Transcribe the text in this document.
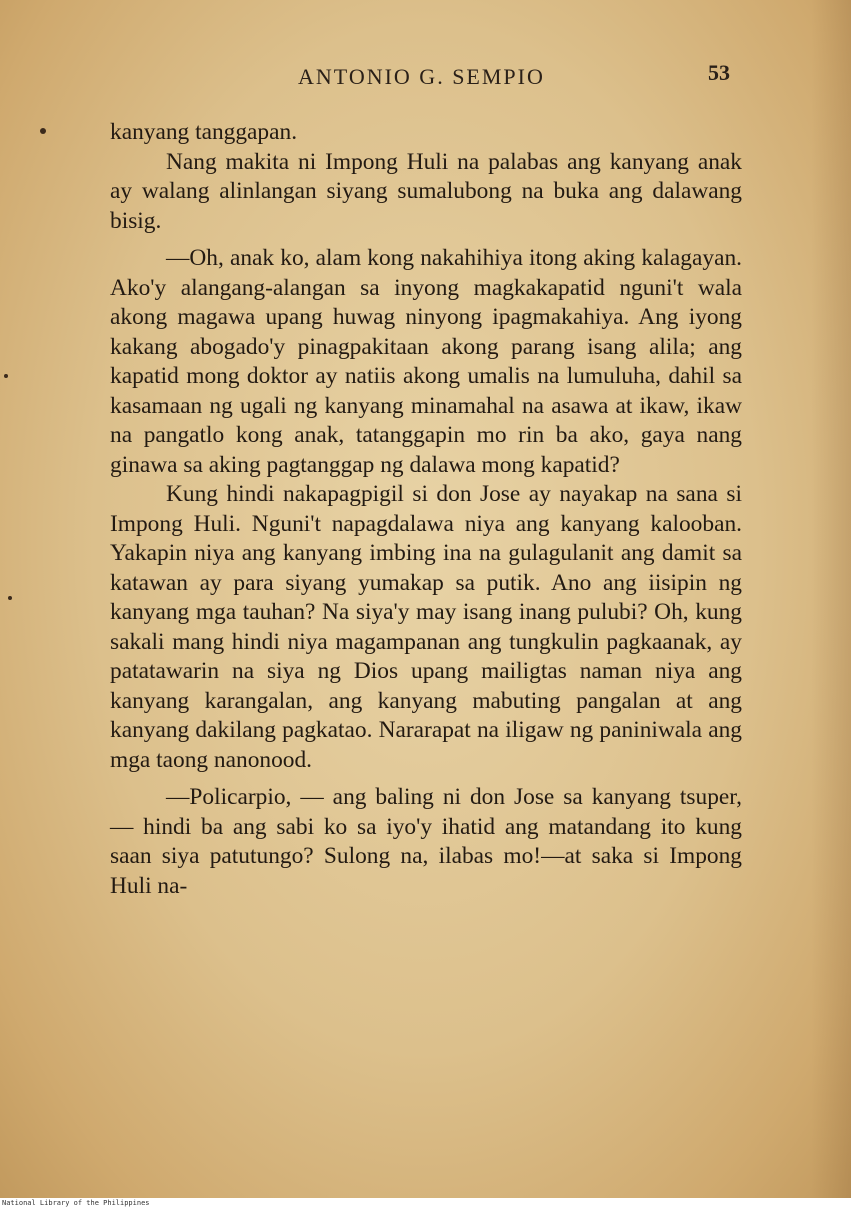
ANTONIO G. SEMPIO	53

kanyang tanggapan.

Nang makita ni Impong Huli na palabas ang kanyang anak ay walang alinlangan siyang sumalubong na buka ang dalawang bisig.

—Oh, anak ko, alam kong nakahihiya itong aking kalagayan. Ako'y alangang-alangan sa inyong magkakapatid nguni't wala akong magawa upang huwag ninyong ipagmakahiya. Ang iyong kakang abogado'y pinagpakitaan akong parang isang alila; ang kapatid mong doktor ay natiis akong umalis na lumuluha, dahil sa kasamaan ng ugali ng kanyang minamahal na asawa at ikaw, ikaw na pangatlo kong anak, tatanggapin mo rin ba ako, gaya nang ginawa sa aking pagtanggap ng dalawa mong kapatid?

Kung hindi nakapagpigil si don Jose ay nayakap na sana si Impong Huli. Nguni't napagdalawa niya ang kanyang kalooban. Yakapin niya ang kanyang imbing ina na gulagulanit ang damit sa katawan ay para siyang yumakap sa putik. Ano ang iisipin ng kanyang mga tauhan? Na siya'y may isang inang pulubi? Oh, kung sakali mang hindi niya magampanan ang tungkulin pagkaanak, ay patatawarin na siya ng Dios upang mailigtas naman niya ang kanyang karangalan, ang kanyang mabuting pangalan at ang kanyang dakilang pagkatao. Nararapat na iligaw ng paniniwala ang mga taong nanonood.

—Policarpio, — ang baling ni don Jose sa kanyang tsuper, — hindi ba ang sabi ko sa iyo'y ihatid ang matandang ito kung saan siya patutungo? Sulong na, ilabas mo!—at saka si Impong Huli na-

National Library of the Philippines
